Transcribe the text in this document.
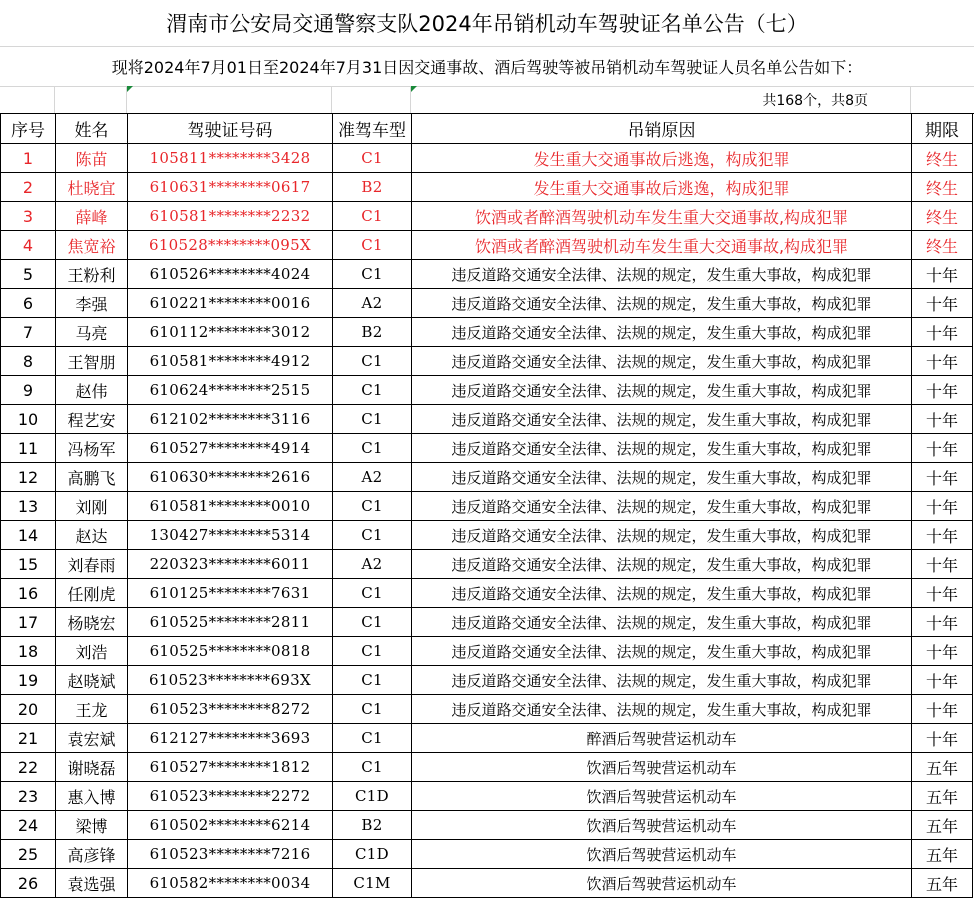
渭南市公安局交通警察支队2024年吊销机动车驾驶证名单公告（七）
现将2024年7月01日至2024年7月31日因交通事故、酒后驾驶等被吊销机动车驾驶证人员名单公告如下：
共168个，共8页
序号	姓名	驾驶证号码	准驾车型	吊销原因	期限
1	陈苗	105811********3428	C1	发生重大交通事故后逃逸，构成犯罪	终生
2	杜晓宜	610631********0617	B2	发生重大交通事故后逃逸，构成犯罪	终生
3	薛峰	610581********2232	C1	饮酒或者醉酒驾驶机动车发生重大交通事故,构成犯罪	终生
4	焦宽裕	610528********095X	C1	饮酒或者醉酒驾驶机动车发生重大交通事故,构成犯罪	终生
5	王粉利	610526********4024	C1	违反道路交通安全法律、法规的规定，发生重大事故，构成犯罪	十年
6	李强	610221********0016	A2	违反道路交通安全法律、法规的规定，发生重大事故，构成犯罪	十年
7	马亮	610112********3012	B2	违反道路交通安全法律、法规的规定，发生重大事故，构成犯罪	十年
8	王智朋	610581********4912	C1	违反道路交通安全法律、法规的规定，发生重大事故，构成犯罪	十年
9	赵伟	610624********2515	C1	违反道路交通安全法律、法规的规定，发生重大事故，构成犯罪	十年
10	程艺安	612102********3116	C1	违反道路交通安全法律、法规的规定，发生重大事故，构成犯罪	十年
11	冯杨军	610527********4914	C1	违反道路交通安全法律、法规的规定，发生重大事故，构成犯罪	十年
12	高鹏飞	610630********2616	A2	违反道路交通安全法律、法规的规定，发生重大事故，构成犯罪	十年
13	刘刚	610581********0010	C1	违反道路交通安全法律、法规的规定，发生重大事故，构成犯罪	十年
14	赵达	130427********5314	C1	违反道路交通安全法律、法规的规定，发生重大事故，构成犯罪	十年
15	刘春雨	220323********6011	A2	违反道路交通安全法律、法规的规定，发生重大事故，构成犯罪	十年
16	任刚虎	610125********7631	C1	违反道路交通安全法律、法规的规定，发生重大事故，构成犯罪	十年
17	杨晓宏	610525********2811	C1	违反道路交通安全法律、法规的规定，发生重大事故，构成犯罪	十年
18	刘浩	610525********0818	C1	违反道路交通安全法律、法规的规定，发生重大事故，构成犯罪	十年
19	赵晓斌	610523********693X	C1	违反道路交通安全法律、法规的规定，发生重大事故，构成犯罪	十年
20	王龙	610523********8272	C1	违反道路交通安全法律、法规的规定，发生重大事故，构成犯罪	十年
21	袁宏斌	612127********3693	C1	醉酒后驾驶营运机动车	十年
22	谢晓磊	610527********1812	C1	饮酒后驾驶营运机动车	五年
23	惠入博	610523********2272	C1D	饮酒后驾驶营运机动车	五年
24	梁博	610502********6214	B2	饮酒后驾驶营运机动车	五年
25	高彦锋	610523********7216	C1D	饮酒后驾驶营运机动车	五年
26	袁选强	610582********0034	C1M	饮酒后驾驶营运机动车	五年
